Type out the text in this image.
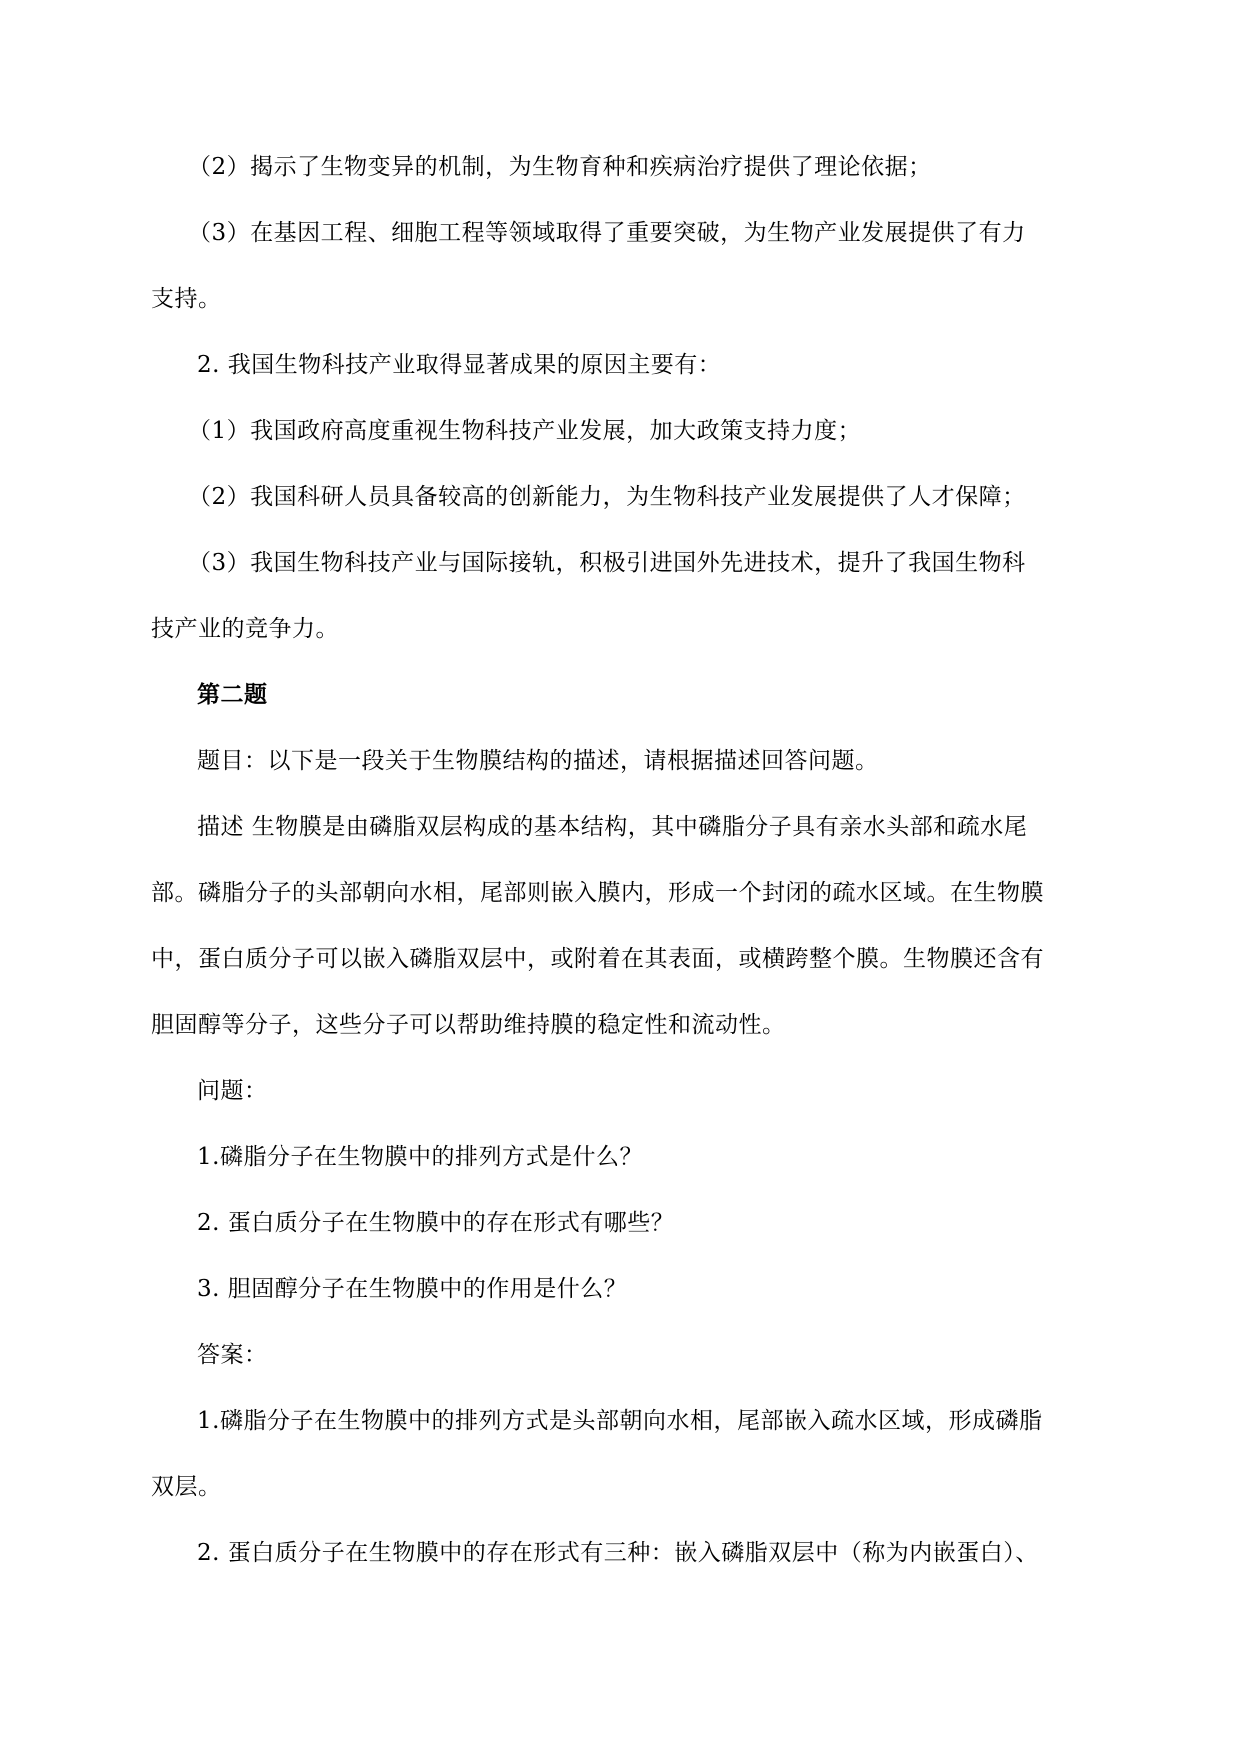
（2）揭示了生物变异的机制，为生物育种和疾病治疗提供了理论依据；
（3）在基因工程、细胞工程等领域取得了重要突破，为生物产业发展提供了有力
支持。
2. 我国生物科技产业取得显著成果的原因主要有：
（1）我国政府高度重视生物科技产业发展，加大政策支持力度；
（2）我国科研人员具备较高的创新能力，为生物科技产业发展提供了人才保障；
（3）我国生物科技产业与国际接轨，积极引进国外先进技术，提升了我国生物科
技产业的竞争力。
第二题
题目：以下是一段关于生物膜结构的描述，请根据描述回答问题。
描述 生物膜是由磷脂双层构成的基本结构，其中磷脂分子具有亲水头部和疏水尾
部。磷脂分子的头部朝向水相，尾部则嵌入膜内，形成一个封闭的疏水区域。在生物膜
中，蛋白质分子可以嵌入磷脂双层中，或附着在其表面，或横跨整个膜。生物膜还含有
胆固醇等分子，这些分子可以帮助维持膜的稳定性和流动性。
问题：
1.磷脂分子在生物膜中的排列方式是什么？
2. 蛋白质分子在生物膜中的存在形式有哪些？
3. 胆固醇分子在生物膜中的作用是什么？
答案：
1.磷脂分子在生物膜中的排列方式是头部朝向水相，尾部嵌入疏水区域，形成磷脂
双层。
2. 蛋白质分子在生物膜中的存在形式有三种：嵌入磷脂双层中（称为内嵌蛋白）、
